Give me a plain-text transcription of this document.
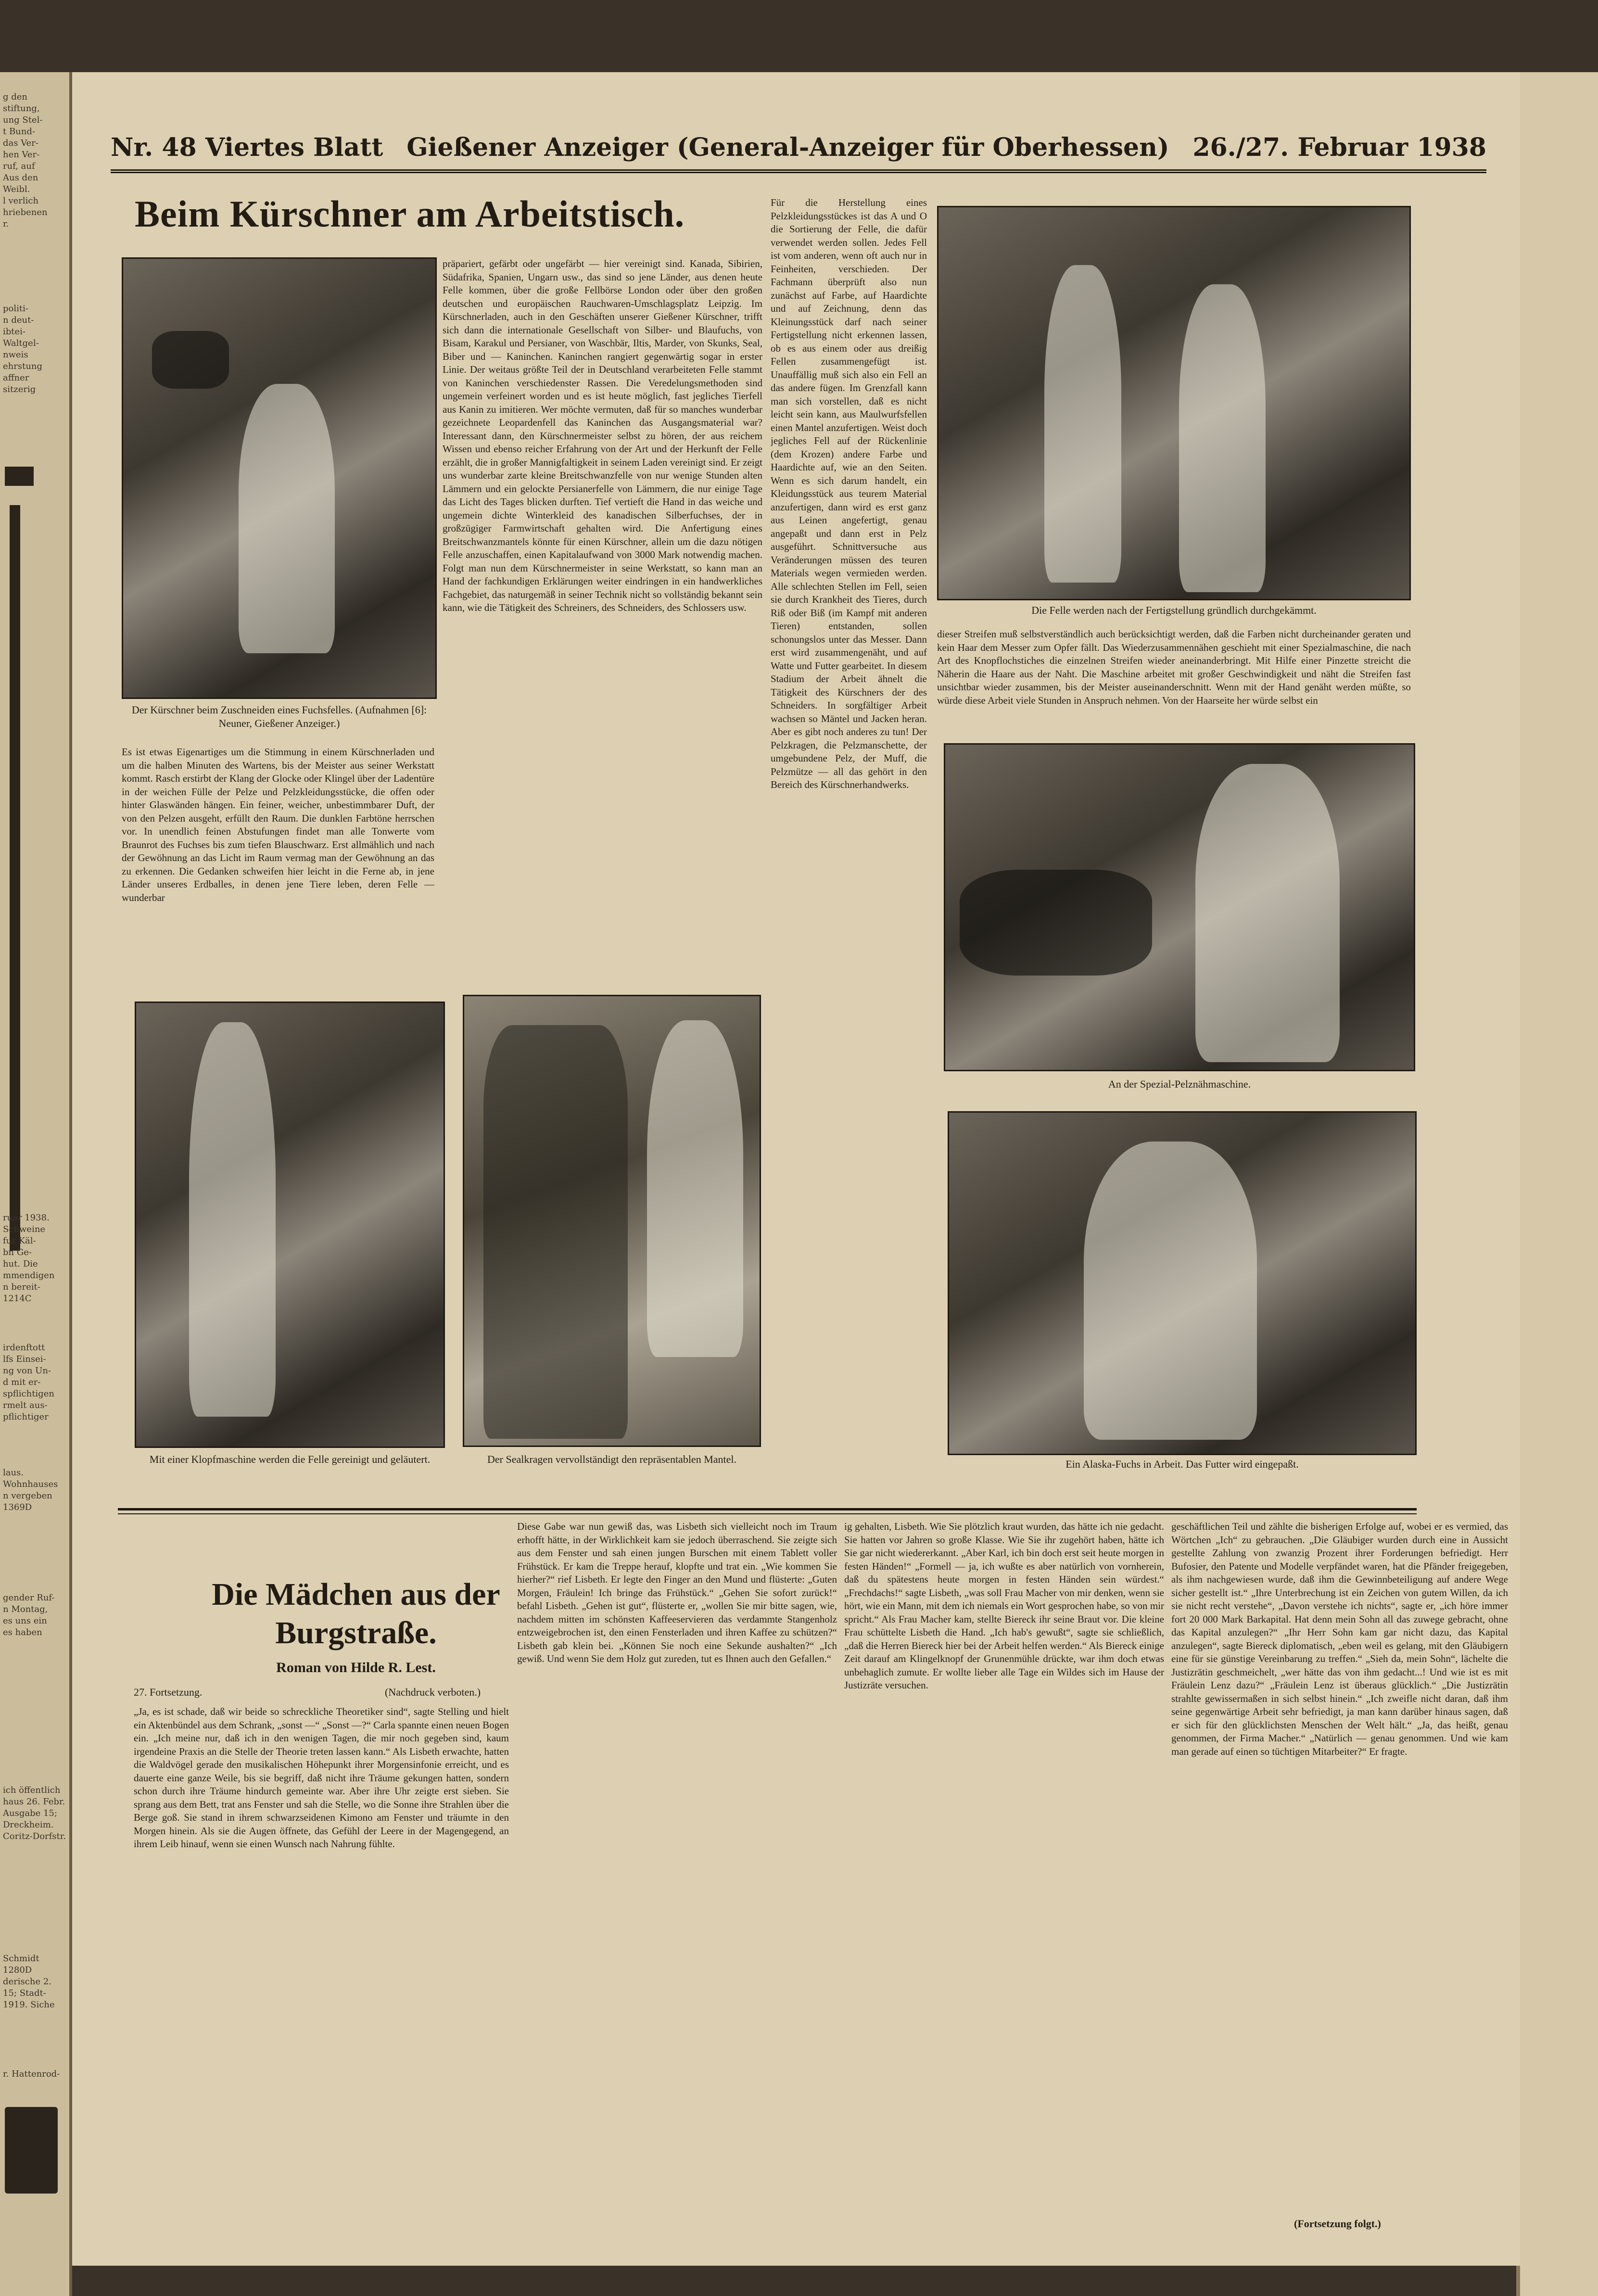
g den
stiftung,
ung Stel-
t Bund-
das Ver-
hen Ver-
ruf, auf
Aus den
Weibl.
l verlich
hriebenen
r.
politi-
n deut-
ibtei-
Waltgel-
nweis
ehrstung
affner
sitzerig
ruar 1938.
Schweine
fur Käl-
bn Ge-
hut. Die
mmendigen
n bereit-
1214C
irdenftott
lfs Einsei-
ng von Un-
d mit er-
spflichtigen
rmelt aus-
pflichtiger
laus.
Wohnhauses
n vergeben
1369D
gender Ruf-
n Montag,
es uns ein
es haben
ich öffentlich
haus 26. Febr.
Ausgabe 15;
Dreckheim.
Coritz-Dorfstr.
Schmidt
1280D
derische 2.
15; Stadt-
1919. Siche
r. Hattenrod-
Nr. 48 Viertes Blatt Gießener Anzeiger (General-Anzeiger für Oberhessen) 26./27. Februar 1938
Beim Kürschner am Arbeitstisch.
Der Kürschner beim Zuschneiden eines Fuchsfelles. (Aufnahmen [6]: Neuner, Gießener Anzeiger.)
Die Felle werden nach der Fertigstellung gründlich durchgekämmt.
Es ist etwas Eigenartiges um die Stimmung in einem Kürschnerladen und um die halben Minuten des Wartens, bis der Meister aus seiner Werkstatt kommt. Rasch erstirbt der Klang der Glocke oder Klingel über der Ladentüre in der weichen Fülle der Pelze und Pelzkleidungsstücke, die offen oder hinter Glaswänden hängen. Ein feiner, weicher, unbestimmbarer Duft, der von den Pelzen ausgeht, erfüllt den Raum. Die dunklen Farbtöne herrschen vor. In unendlich feinen Abstufungen findet man alle Tonwerte vom Braunrot des Fuchses bis zum tiefen Blauschwarz. Erst allmählich und nach der Gewöhnung an das Licht im Raum vermag man der Gewöhnung an das zu erkennen. Die Gedanken schweifen hier leicht in die Ferne ab, in jene Länder unseres Erdballes, in denen jene Tiere leben, deren Felle — wunderbar
präpariert, gefärbt oder ungefärbt — hier vereinigt sind. Kanada, Sibirien, Südafrika, Spanien, Ungarn usw., das sind so jene Länder, aus denen heute Felle kommen, über die große Fellbörse London oder über den großen deutschen und europäischen Rauchwaren-Umschlagsplatz Leipzig. Im Kürschnerladen, auch in den Geschäften unserer Gießener Kürschner, trifft sich dann die internationale Gesellschaft von Silber- und Blaufuchs, von Bisam, Karakul und Persianer, von Waschbär, Iltis, Marder, von Skunks, Seal, Biber und — Kaninchen. Kaninchen rangiert gegenwärtig sogar in erster Linie. Der weitaus größte Teil der in Deutschland verarbeiteten Felle stammt von Kaninchen verschiedenster Rassen. Die Veredelungsmethoden sind ungemein verfeinert worden und es ist heute möglich, fast jegliches Tierfell aus Kanin zu imitieren. Wer möchte vermuten, daß für so manches wunderbar gezeichnete Leopardenfell das Kaninchen das Ausgangsmaterial war? Interessant dann, den Kürschnermeister selbst zu hören, der aus reichem Wissen und ebenso reicher Erfahrung von der Art und der Herkunft der Felle erzählt, die in großer Mannigfaltigkeit in seinem Laden vereinigt sind. Er zeigt uns wunderbar zarte kleine Breitschwanzfelle von nur wenige Stunden alten Lämmern und ein gelockte Persianerfelle von Lämmern, die nur einige Tage das Licht des Tages blicken durften. Tief vertieft die Hand in das weiche und ungemein dichte Winterkleid des kanadischen Silberfuchses, der in großzügiger Farmwirtschaft gehalten wird. Die Anfertigung eines Breitschwanzmantels könnte für einen Kürschner, allein um die dazu nötigen Felle anzuschaffen, einen Kapitalaufwand von 3000 Mark notwendig machen. Folgt man nun dem Kürschnermeister in seine Werkstatt, so kann man an Hand der fachkundigen Erklärungen weiter eindringen in ein handwerkliches Fachgebiet, das naturgemäß in seiner Technik nicht so vollständig bekannt sein kann, wie die Tätigkeit des Schreiners, des Schneiders, des Schlossers usw.
Für die Herstellung eines Pelzkleidungsstückes ist das A und O die Sortierung der Felle, die dafür verwendet werden sollen. Jedes Fell ist vom anderen, wenn oft auch nur in Feinheiten, verschieden. Der Fachmann überprüft also nun zunächst auf Farbe, auf Haardichte und auf Zeichnung, denn das Kleinungsstück darf nach seiner Fertigstellung nicht erkennen lassen, ob es aus einem oder aus dreißig Fellen zusammengefügt ist. Unauffällig muß sich also ein Fell an das andere fügen. Im Grenzfall kann man sich vorstellen, daß es nicht leicht sein kann, aus Maulwurfsfellen einen Mantel anzufertigen. Weist doch jegliches Fell auf der Rückenlinie (dem Krozen) andere Farbe und Haardichte auf, wie an den Seiten. Wenn es sich darum handelt, ein Kleidungsstück aus teurem Material anzufertigen, dann wird es erst ganz aus Leinen angefertigt, genau angepaßt und dann erst in Pelz ausgeführt. Schnittversuche aus Veränderungen müssen des teuren Materials wegen vermieden werden. Alle schlechten Stellen im Fell, seien sie durch Krankheit des Tieres, durch Riß oder Biß (im Kampf mit anderen Tieren) entstanden, sollen schonungslos unter das Messer. Dann erst wird zusammengenäht, und auf Watte und Futter gearbeitet. In diesem Stadium der Arbeit ähnelt die Tätigkeit des Kürschners der des Schneiders. In sorgfältiger Arbeit wachsen so Mäntel und Jacken heran. Aber es gibt noch anderes zu tun! Der Pelzkragen, die Pelzmanschette, der umgebundene Pelz, der Muff, die Pelzmütze — all das gehört in den Bereich des Kürschnerhandwerks.
dieser Streifen muß selbstverständlich auch berücksichtigt werden, daß die Farben nicht durcheinander geraten und kein Haar dem Messer zum Opfer fällt. Das Wiederzusammennähen geschieht mit einer Spezialmaschine, die nach Art des Knopflochstiches die einzelnen Streifen wieder aneinanderbringt. Mit Hilfe einer Pinzette streicht die Näherin die Haare aus der Naht. Die Maschine arbeitet mit großer Geschwindigkeit und näht die Streifen fast unsichtbar wieder zusammen, bis der Meister auseinanderschnitt. Wenn mit der Hand genäht werden müßte, so würde diese Arbeit viele Stunden in Anspruch nehmen. Von der Haarseite her würde selbst ein
Mit einer Klopfmaschine werden die Felle gereinigt und geläutert.	Der Sealkragen vervollständigt den repräsentablen Mantel.
An der Spezial-Pelznähmaschine.
Ein Alaska-Fuchs in Arbeit. Das Futter wird eingepaßt.
Die Mädchen aus der Burgstraße.
Roman von Hilde R. Lest.
27. Fortsetzung.	(Nachdruck verboten.)
„Ja, es ist schade, daß wir beide so schreckliche Theoretiker sind“, sagte Stelling und hielt ein Aktenbündel aus dem Schrank, „sonst —“ „Sonst —?“ Carla spannte einen neuen Bogen ein. „Ich meine nur, daß ich in den wenigen Tagen, die mir noch gegeben sind, kaum irgendeine Praxis an die Stelle der Theorie treten lassen kann.“ Als Lisbeth erwachte, hatten die Waldvögel gerade den musikalischen Höhepunkt ihrer Morgensinfonie erreicht, und es dauerte eine ganze Weile, bis sie begriff, daß nicht ihre Träume gekungen hatten, sondern schon durch ihre Träume hindurch gemeinte war. Aber ihre Uhr zeigte erst sieben. Sie sprang aus dem Bett, trat ans Fenster und sah die Stelle, wo die Sonne ihre Strahlen über die Berge goß. Sie stand in ihrem schwarzseidenen Kimono am Fenster und träumte in den Morgen hinein. Als sie die Augen öffnete, das Gefühl der Leere in der Magengegend, an ihrem Leib hinauf, wenn sie einen Wunsch nach Nahrung fühlte.
Diese Gabe war nun gewiß das, was Lisbeth sich vielleicht noch im Traum erhofft hätte, in der Wirklichkeit kam sie jedoch überraschend. Sie zeigte sich aus dem Fenster und sah einen jungen Burschen mit einem Tablett voller Frühstück. Er kam die Treppe herauf, klopfte und trat ein. „Wie kommen Sie hierher?“ rief Lisbeth. Er legte den Finger an den Mund und flüsterte: „Guten Morgen, Fräulein! Ich bringe das Frühstück.“ „Gehen Sie sofort zurück!“ befahl Lisbeth. „Gehen ist gut“, flüsterte er, „wollen Sie mir bitte sagen, wie, nachdem mitten im schönsten Kaffeeservieren das verdammte Stangenholz entzweigebrochen ist, den einen Fensterladen und ihren Kaffee zu schützen?“ Lisbeth gab klein bei. „Können Sie noch eine Sekunde aushalten?“ „Ich gewiß. Und wenn Sie dem Holz gut zureden, tut es Ihnen auch den Gefallen.“
ig gehalten, Lisbeth. Wie Sie plötzlich kraut wurden, das hätte ich nie gedacht. Sie hatten vor Jahren so große Klasse. Wie Sie ihr zugehört haben, hätte ich Sie gar nicht wiedererkannt. „Aber Karl, ich bin doch erst seit heute morgen in festen Händen!“ „Formell — ja, ich wußte es aber natürlich von vornherein, daß du spätestens heute morgen in festen Händen sein würdest.“ „Frechdachs!“ sagte Lisbeth, „was soll Frau Macher von mir denken, wenn sie hört, wie ein Mann, mit dem ich niemals ein Wort gesprochen habe, so von mir spricht.“ Als Frau Macher kam, stellte Biereck ihr seine Braut vor. Die kleine Frau schüttelte Lisbeth die Hand. „Ich hab's gewußt“, sagte sie schließlich, „daß die Herren Biereck hier bei der Arbeit helfen werden.“ Als Biereck einige Zeit darauf am Klingelknopf der Grunenmühle drückte, war ihm doch etwas unbehaglich zumute. Er wollte lieber alle Tage ein Wildes sich im Hause der Justizräte versuchen.
geschäftlichen Teil und zählte die bisherigen Erfolge auf, wobei er es vermied, das Wörtchen „Ich“ zu gebrauchen. „Die Gläubiger wurden durch eine in Aussicht gestellte Zahlung von zwanzig Prozent ihrer Forderungen befriedigt. Herr Bufosier, den Patente und Modelle verpfändet waren, hat die Pfänder freigegeben, als ihm nachgewiesen wurde, daß ihm die Gewinnbeteiligung auf andere Wege sicher gestellt ist.“ „Ihre Unterbrechung ist ein Zeichen von gutem Willen, da ich sie nicht recht verstehe“, „Davon verstehe ich nichts“, sagte er, „ich höre immer fort 20 000 Mark Barkapital. Hat denn mein Sohn all das zuwege gebracht, ohne das Kapital anzulegen?“ „Ihr Herr Sohn kam gar nicht dazu, das Kapital anzulegen“, sagte Biereck diplomatisch, „eben weil es gelang, mit den Gläubigern eine für sie günstige Vereinbarung zu treffen.“ „Sieh da, mein Sohn“, lächelte die Justizrätin geschmeichelt, „wer hätte das von ihm gedacht...! Und wie ist es mit Fräulein Lenz dazu?“ „Fräulein Lenz ist überaus glücklich.“ „Die Justizrätin strahlte gewissermaßen in sich selbst hinein.“ „Ich zweifle nicht daran, daß ihm seine gegenwärtige Arbeit sehr befriedigt, ja man kann darüber hinaus sagen, daß er sich für den glücklichsten Menschen der Welt hält.“ „Ja, das heißt, genau genommen, der Firma Macher.“ „Natürlich — genau genommen. Und wie kam man gerade auf einen so tüchtigen Mitarbeiter?“ Er fragte.
(Fortsetzung folgt.)
